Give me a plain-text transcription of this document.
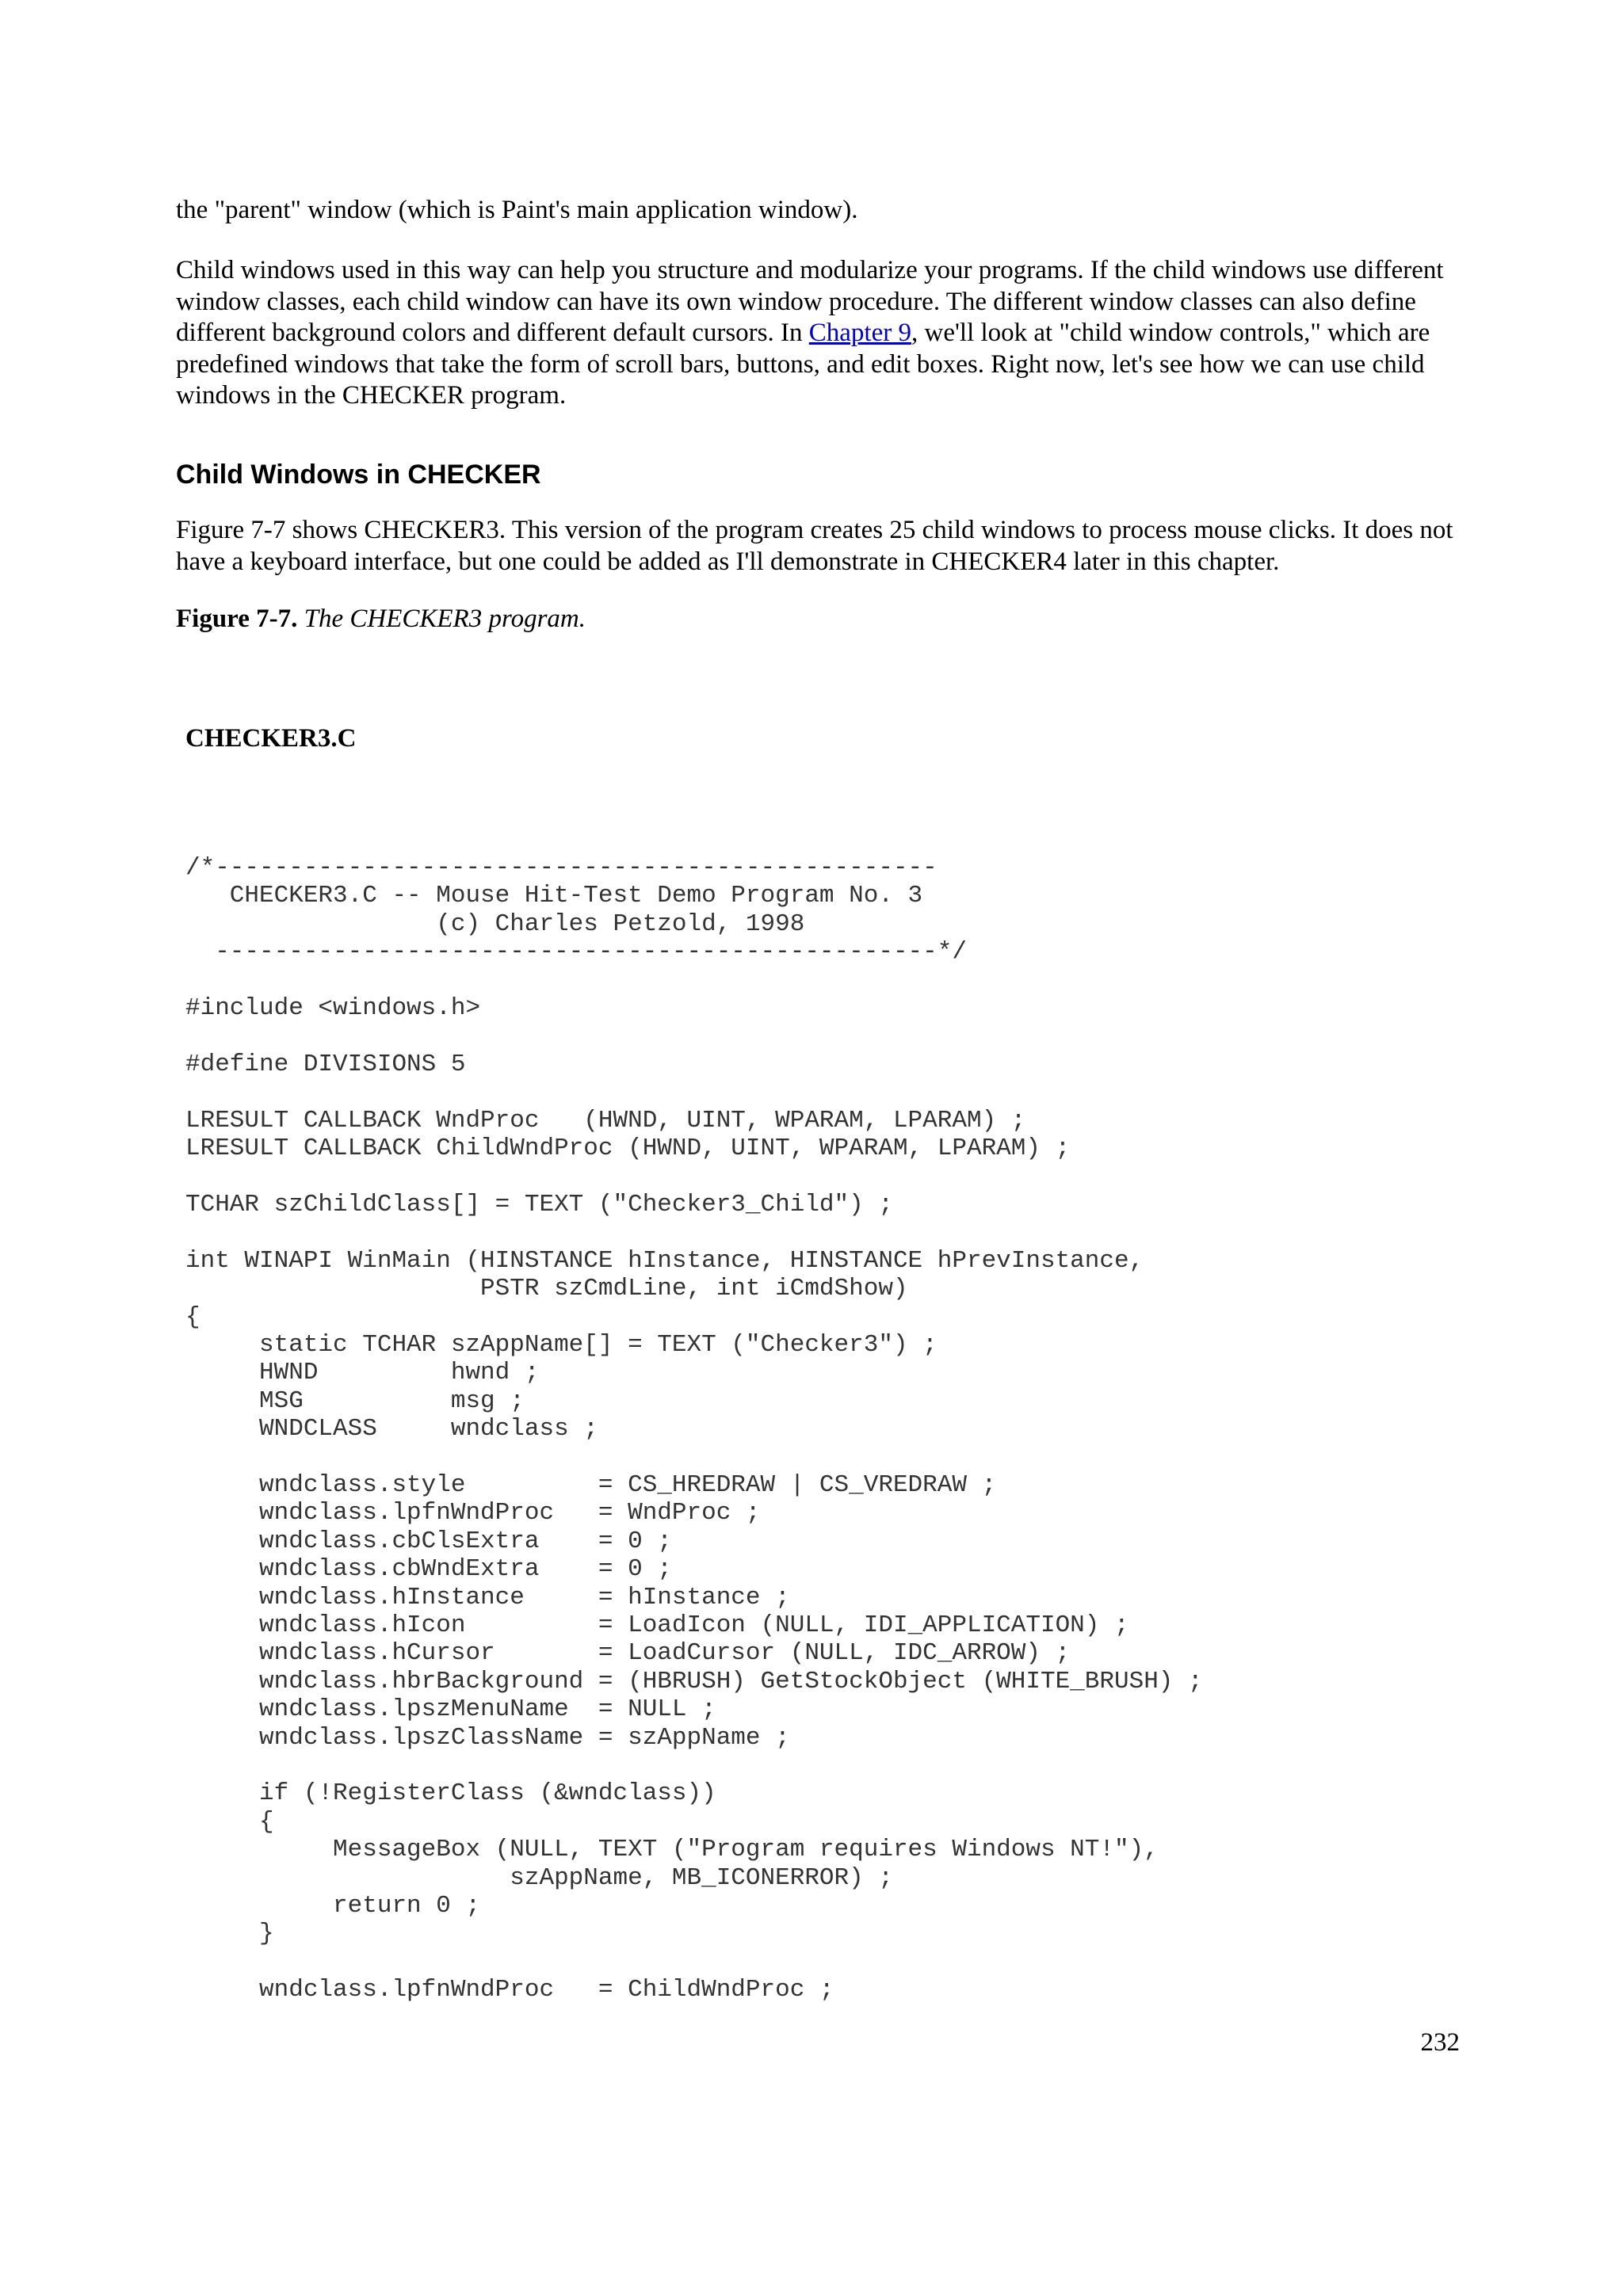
the "parent" window (which is Paint's main application window).

Child windows used in this way can help you structure and modularize your programs. If the child windows use different window classes, each child window can have its own window procedure. The different window classes can also define different background colors and different default cursors. In Chapter 9, we'll look at "child window controls," which are predefined windows that take the form of scroll bars, buttons, and edit boxes. Right now, let's see how we can use child windows in the CHECKER program.

Child Windows in CHECKER

Figure 7-7 shows CHECKER3. This version of the program creates 25 child windows to process mouse clicks. It does not have a keyboard interface, but one could be added as I'll demonstrate in CHECKER4 later in this chapter.

Figure 7-7. The CHECKER3 program.

CHECKER3.C
/*-------------------------------------------------
CHECKER3.C -- Mouse Hit-Test Demo Program No. 3
(c) Charles Petzold, 1998
-------------------------------------------------*/

#include <windows.h>

#define DIVISIONS 5

LRESULT CALLBACK WndProc   (HWND, UINT, WPARAM, LPARAM) ;
LRESULT CALLBACK ChildWndProc (HWND, UINT, WPARAM, LPARAM) ;

TCHAR szChildClass[] = TEXT ("Checker3_Child") ;

int WINAPI WinMain (HINSTANCE hInstance, HINSTANCE hPrevInstance,
PSTR szCmdLine, int iCmdShow)
{
static TCHAR szAppName[] = TEXT ("Checker3") ;
HWND         hwnd ;
MSG          msg ;
WNDCLASS     wndclass ;

wndclass.style         = CS_HREDRAW | CS_VREDRAW ;
wndclass.lpfnWndProc   = WndProc ;
wndclass.cbClsExtra    = 0 ;
wndclass.cbWndExtra    = 0 ;
wndclass.hInstance     = hInstance ;
wndclass.hIcon         = LoadIcon (NULL, IDI_APPLICATION) ;
wndclass.hCursor       = LoadCursor (NULL, IDC_ARROW) ;
wndclass.hbrBackground = (HBRUSH) GetStockObject (WHITE_BRUSH) ;
wndclass.lpszMenuName  = NULL ;
wndclass.lpszClassName = szAppName ;

if (!RegisterClass (&wndclass))
{
MessageBox (NULL, TEXT ("Program requires Windows NT!"),
szAppName, MB_ICONERROR) ;
return 0 ;
}

wndclass.lpfnWndProc   = ChildWndProc ;
232
